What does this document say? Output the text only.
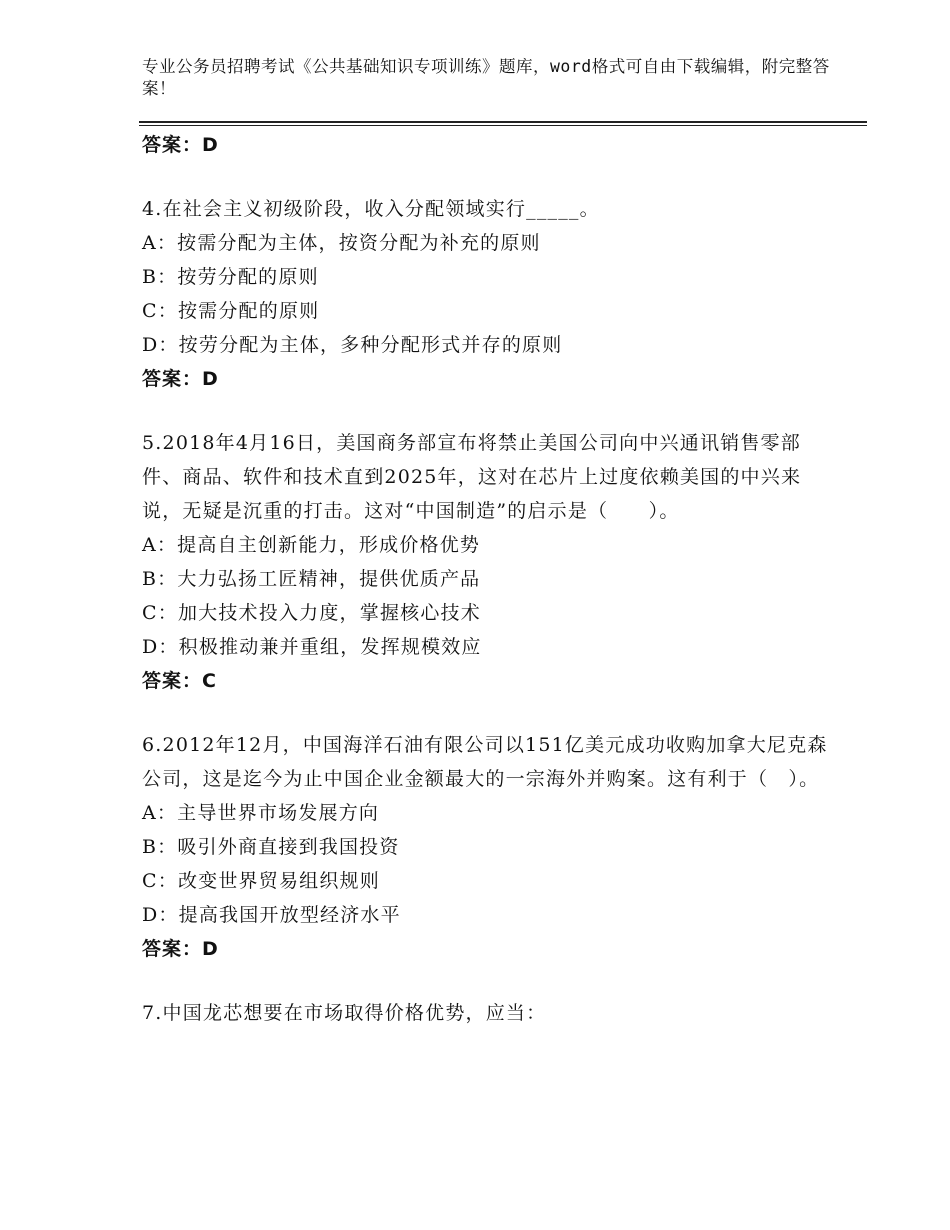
专业公务员招聘考试《公共基础知识专项训练》题库，word格式可自由下载编辑，附完整答案！
答案：D
4.在社会主义初级阶段，收入分配领域实行_____。
A：按需分配为主体，按资分配为补充的原则
B：按劳分配的原则
C：按需分配的原则
D：按劳分配为主体，多种分配形式并存的原则
答案：D
5.2018年4月16日，美国商务部宣布将禁止美国公司向中兴通讯销售零部件、商品、软件和技术直到2025年，这对在芯片上过度依赖美国的中兴来说，无疑是沉重的打击。这对“中国制造”的启示是（　　）。
A：提高自主创新能力，形成价格优势
B：大力弘扬工匠精神，提供优质产品
C：加大技术投入力度，掌握核心技术
D：积极推动兼并重组，发挥规模效应
答案：C
6.2012年12月，中国海洋石油有限公司以151亿美元成功收购加拿大尼克森公司，这是迄今为止中国企业金额最大的一宗海外并购案。这有利于（　）。
A：主导世界市场发展方向
B：吸引外商直接到我国投资
C：改变世界贸易组织规则
D：提高我国开放型经济水平
答案：D
7.中国龙芯想要在市场取得价格优势，应当：
